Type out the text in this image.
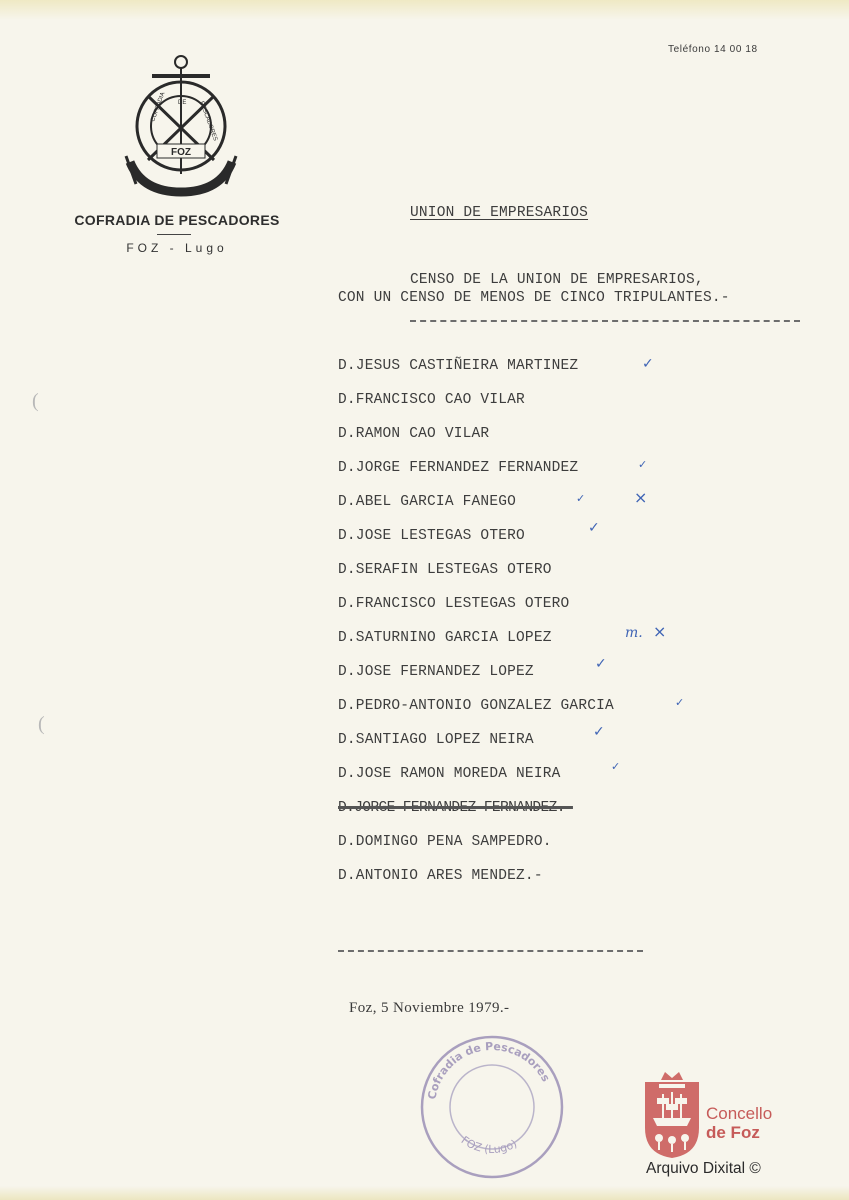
Teléfono 14 00 18
FOZ
COFRADIA DE PESCADORES
COFRADIA DE PESCADORES
FOZ - Lugo
UNION DE EMPRESARIOS
CENSO DE LA UNION DE EMPRESARIOS,
CON UN CENSO DE MENOS DE CINCO TRIPULANTES.-
D.JESUS CASTIÑEIRA MARTINEZ
D.FRANCISCO CAO VILAR
D.RAMON CAO VILAR
D.JORGE FERNANDEZ FERNANDEZ
D.ABEL GARCIA FANEGO
D.JOSE LESTEGAS OTERO
D.SERAFIN LESTEGAS OTERO
D.FRANCISCO LESTEGAS OTERO
D.SATURNINO GARCIA LOPEZ
D.JOSE FERNANDEZ LOPEZ
D.PEDRO-ANTONIO GONZALEZ GARCIA
D.SANTIAGO LOPEZ NEIRA
D.JOSE RAMON MOREDA NEIRA
D.JORGE FERNANDEZ FERNANDEZ.-
D.DOMINGO PENA SAMPEDRO.
D.ANTONIO ARES MENDEZ.-
✓
✓
✓	×
✓
m. ×
✓
✓
✓
✓
Foz, 5 Noviembre 1979.-
Cofradia de Pescadores
FOZ (Lugo)
(
(
Concello
de Foz
Arquivo Dixital ©
